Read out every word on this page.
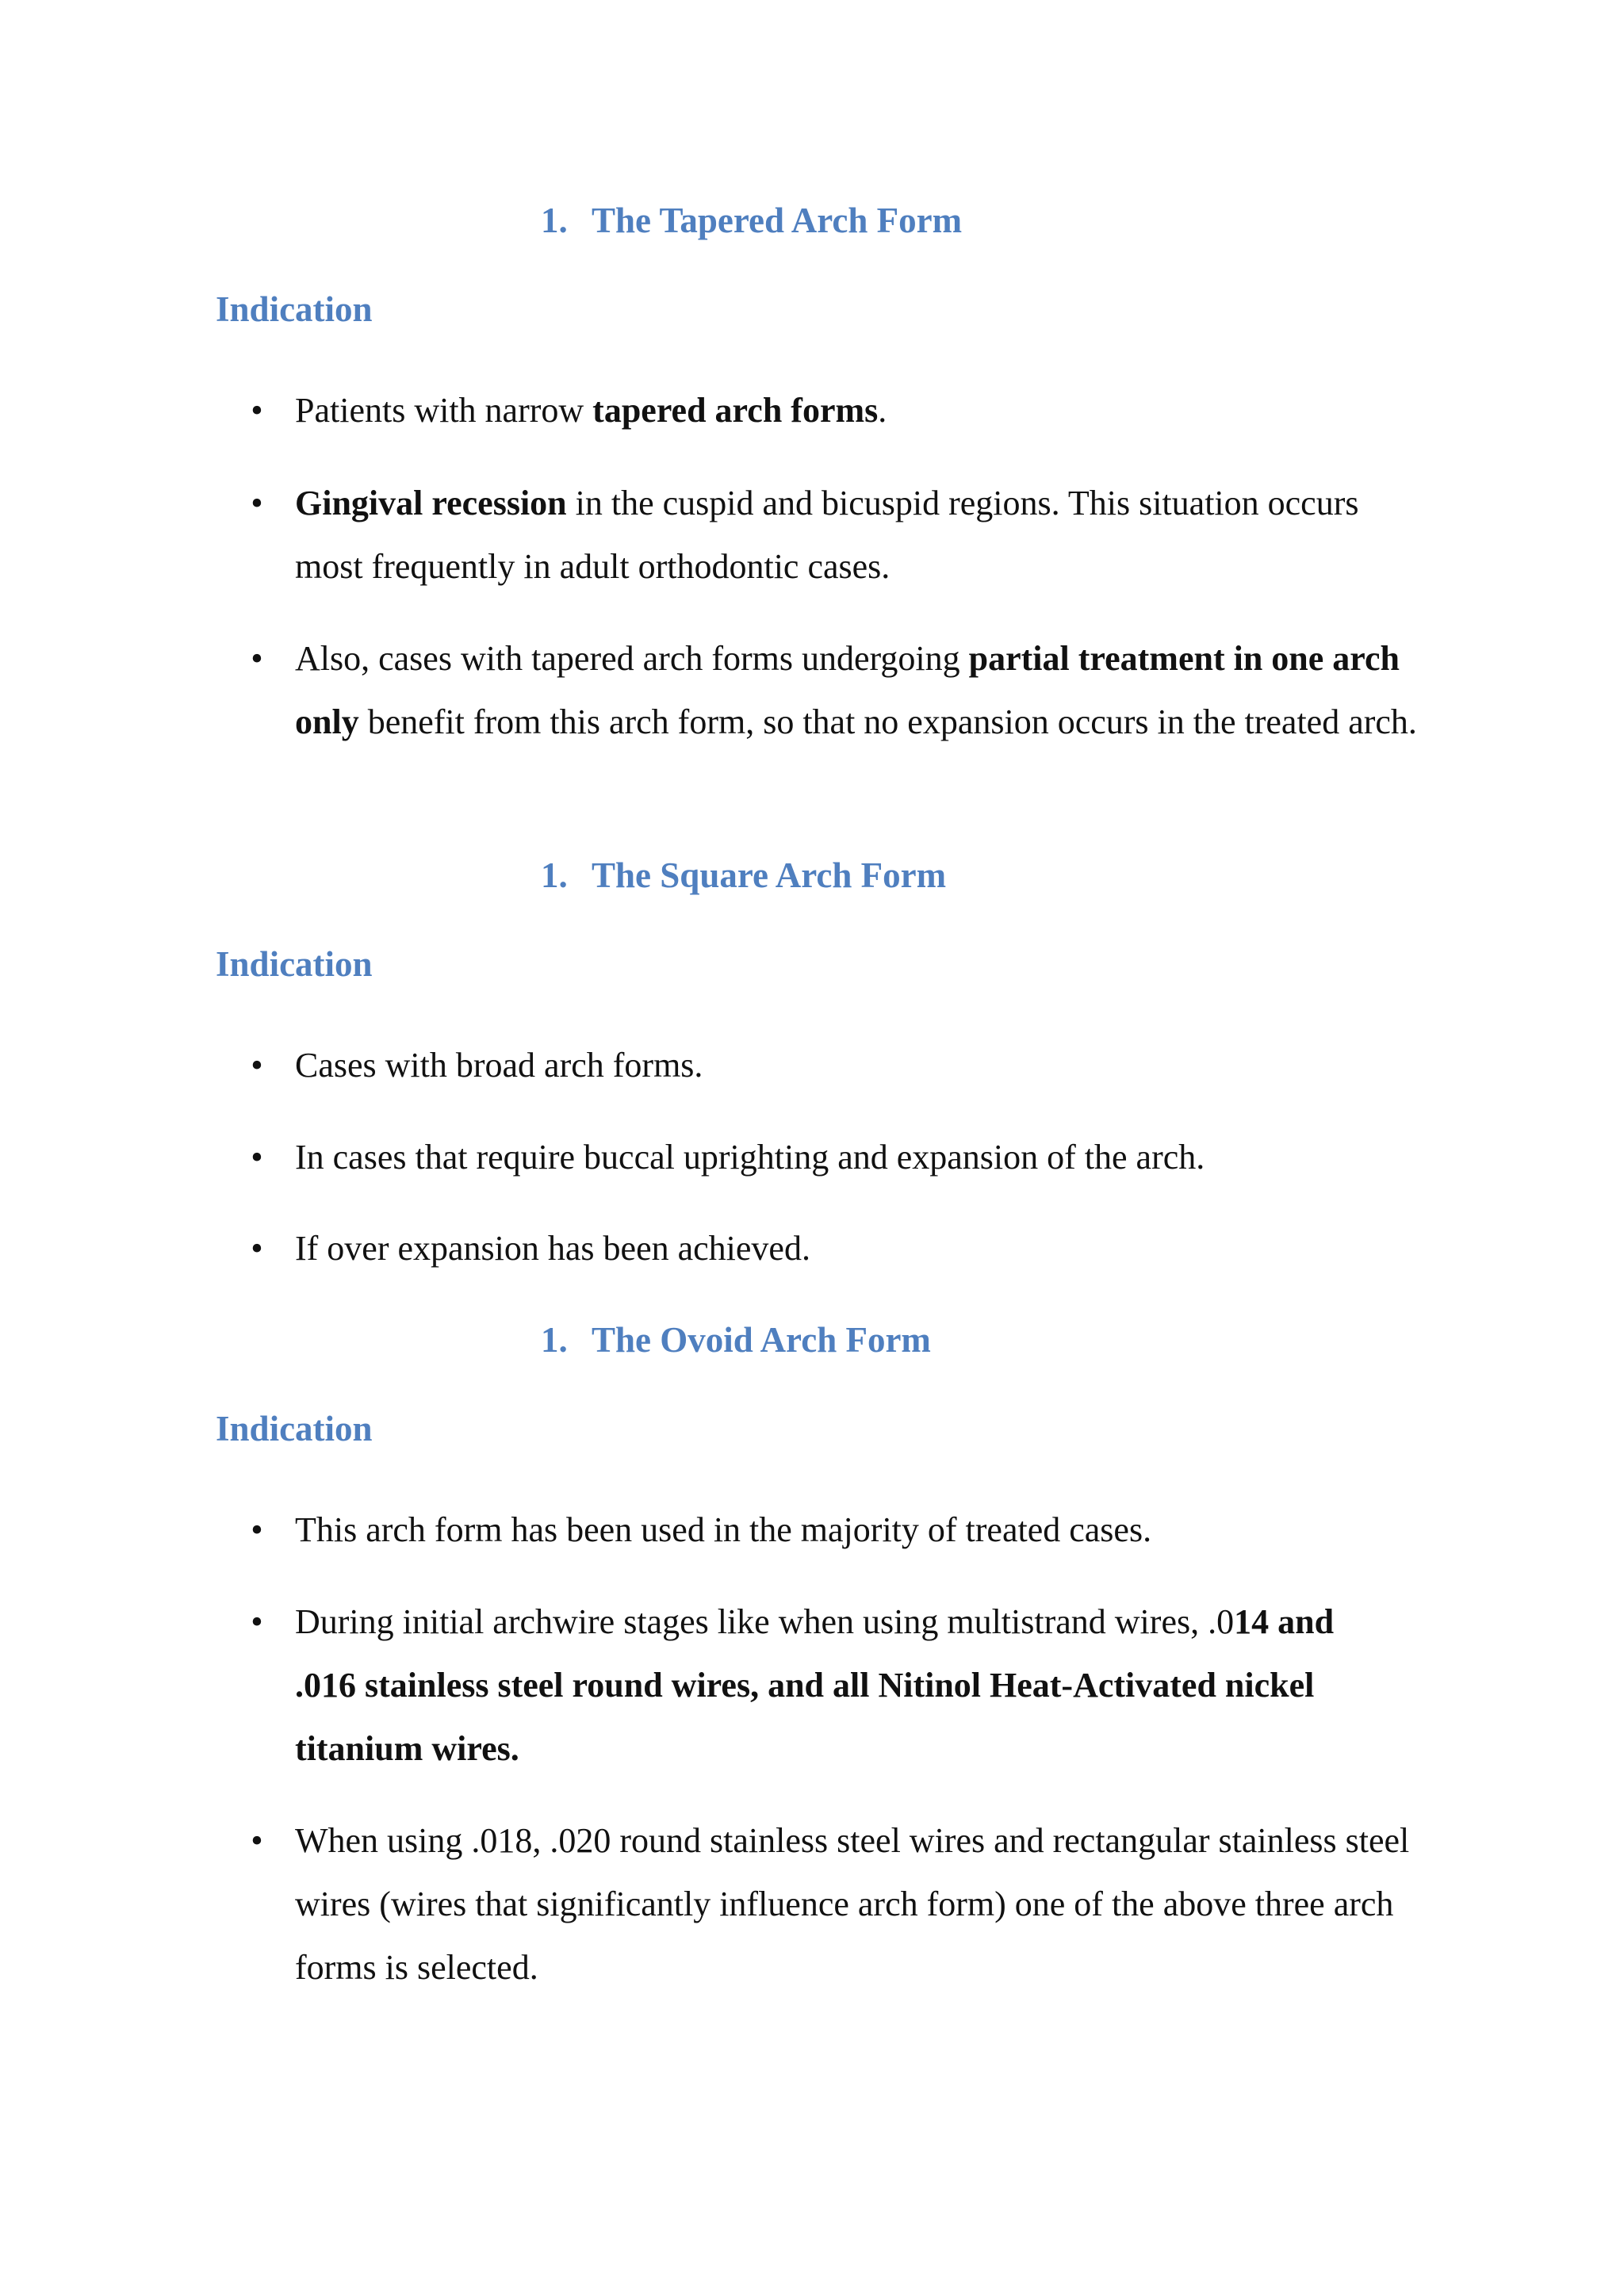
1. The Tapered Arch Form
Indication
• Patients with narrow tapered arch forms.
• Gingival recession in the cuspid and bicuspid regions. This situation occurs most frequently in adult orthodontic cases.
• Also, cases with tapered arch forms undergoing partial treatment in one arch only benefit from this arch form, so that no expansion occurs in the treated arch.
1. The Square Arch Form
Indication
• Cases with broad arch forms.
• In cases that require buccal uprighting and expansion of the arch.
• If over expansion has been achieved.
1. The Ovoid Arch Form
Indication
• This arch form has been used in the majority of treated cases.
• During initial archwire stages like when using multistrand wires, .014 and .016 stainless steel round wires, and all Nitinol Heat-Activated nickel titanium wires.
• When using .018, .020 round stainless steel wires and rectangular stainless steel wires (wires that significantly influence arch form) one of the above three arch forms is selected.
